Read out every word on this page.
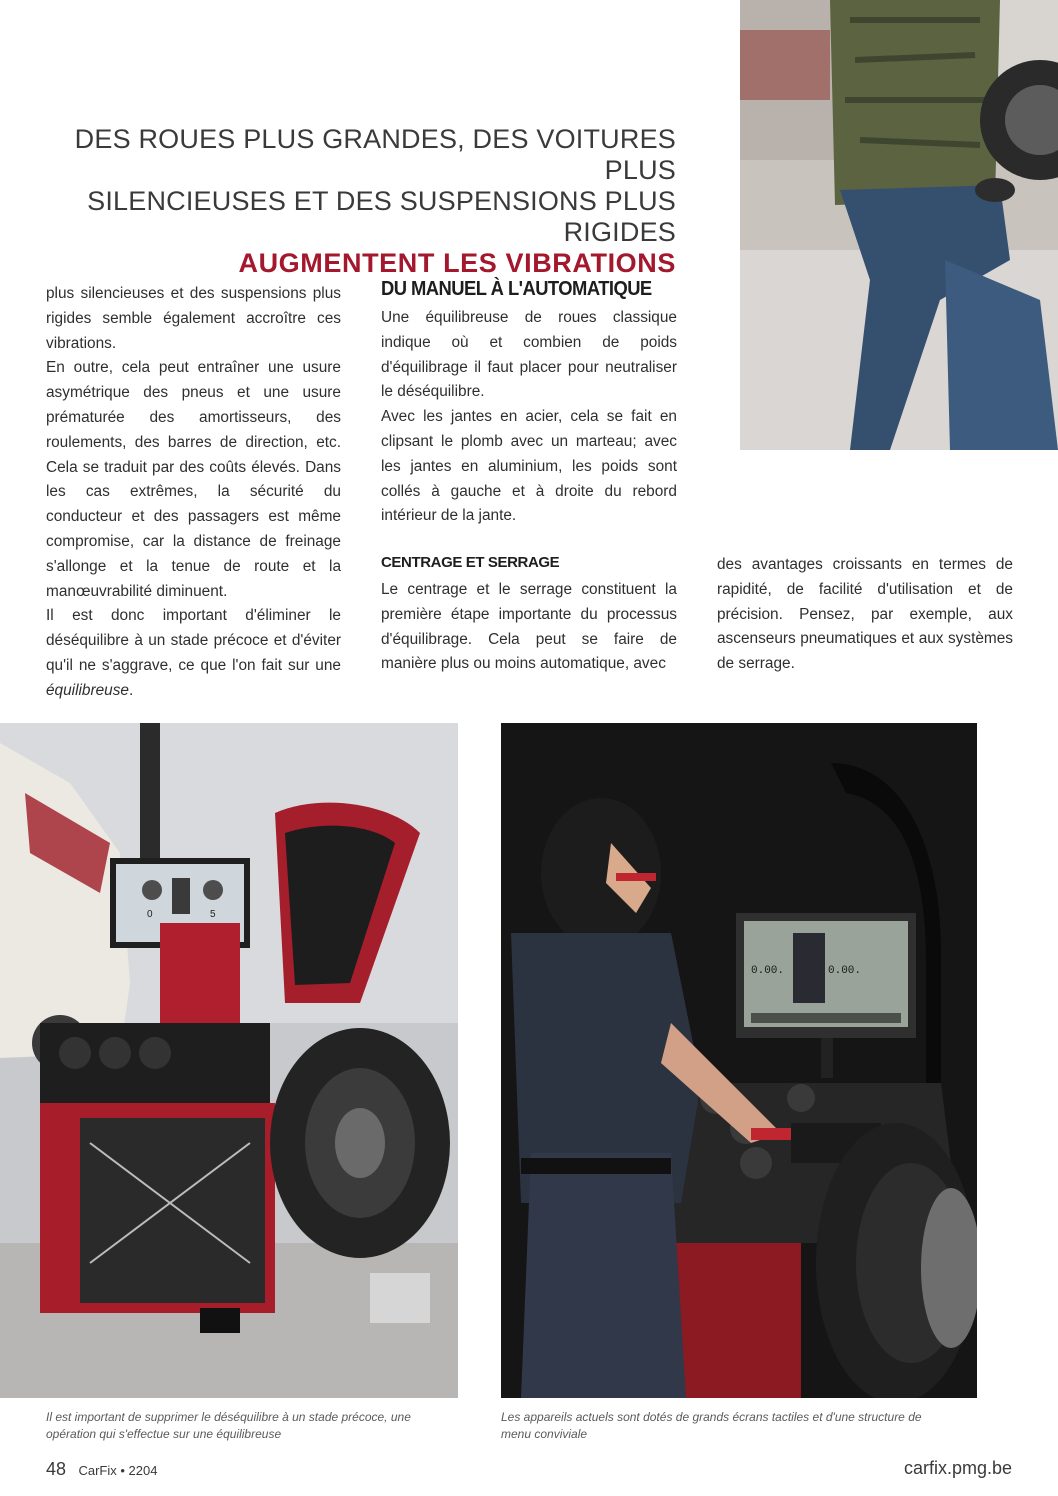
DES ROUES PLUS GRANDES, DES VOITURES PLUS
SILENCIEUSES ET DES SUSPENSIONS PLUS RIGIDES
AUGMENTENT LES VIBRATIONS

plus silencieuses et des suspensions plus rigides semble également accroître ces vibrations.

En outre, cela peut entraîner une usure asymétrique des pneus et une usure prématurée des amortisseurs, des roulements, des barres de direction, etc. Cela se traduit par des coûts élevés. Dans les cas extrêmes, la sécurité du conducteur et des passagers est même compromise, car la distance de freinage s'allonge et la tenue de route et la manœuvrabilité diminuent.

Il est donc important d'éliminer le déséquilibre à un stade précoce et d'éviter qu'il ne s'aggrave, ce que l'on fait sur une équilibreuse.

DU MANUEL À L'AUTOMATIQUE

Une équilibreuse de roues classique indique où et combien de poids d'équilibrage il faut placer pour neutraliser le déséquilibre.

Avec les jantes en acier, cela se fait en clipsant le plomb avec un marteau; avec les jantes en aluminium, les poids sont collés à gauche et à droite du rebord intérieur de la jante.

CENTRAGE ET SERRAGE

Le centrage et le serrage constituent la première étape importante du processus d'équilibrage. Cela peut se faire de manière plus ou moins automatique, avec

des avantages croissants en termes de rapidité, de facilité d'utilisation et de précision. Pensez, par exemple, aux ascenseurs pneumatiques et aux systèmes de serrage.

0	5
0.00.	0.00.
Il est important de supprimer le déséquilibre à un stade précoce, une opération qui s'effectue sur une équilibreuse
Les appareils actuels sont dotés de grands écrans tactiles et d'une structure de menu conviviale
48 CarFix • 2204	carfix.pmg.be
